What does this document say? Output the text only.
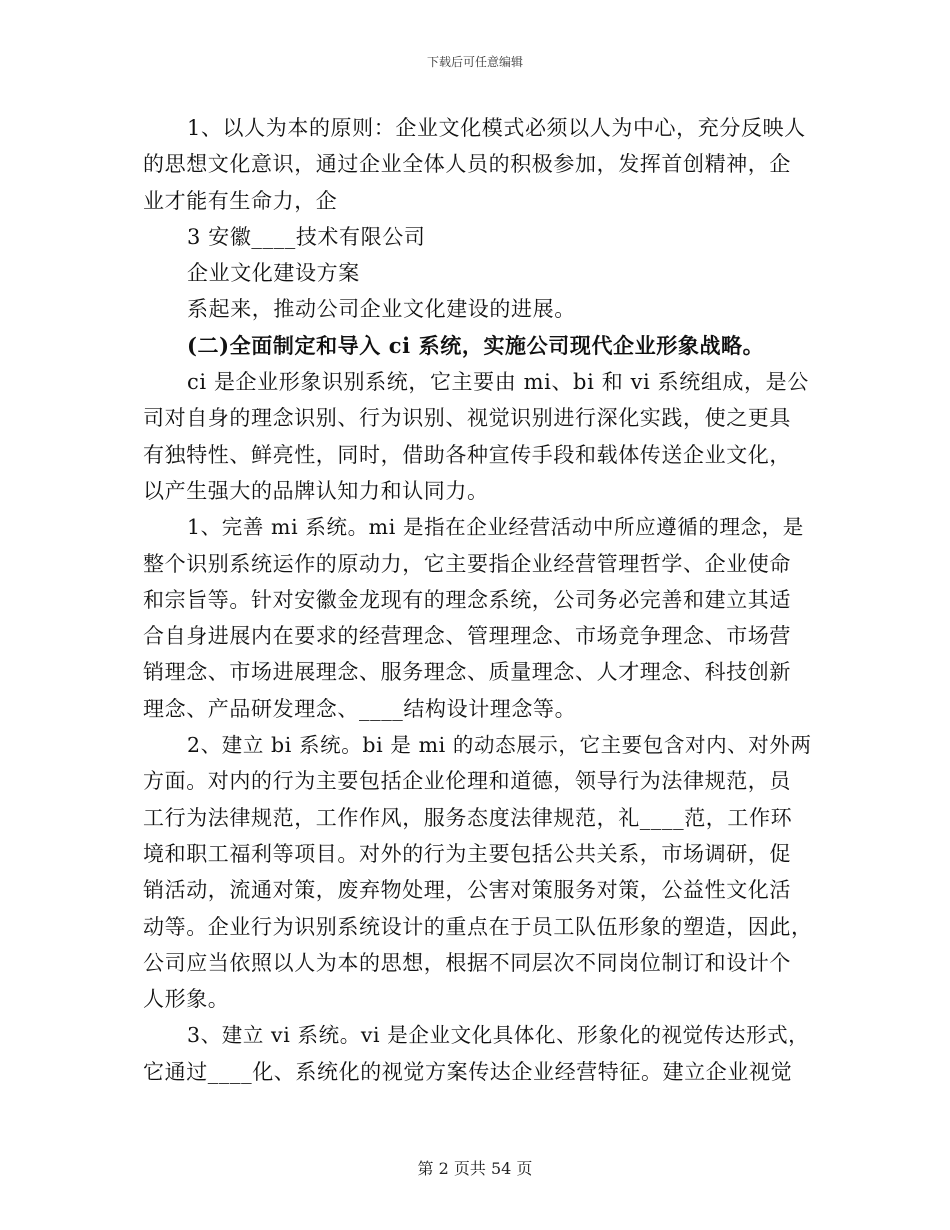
下载后可任意编辑
1、以人为本的原则：企业文化模式必须以人为中心，充分反映人
的思想文化意识，通过企业全体人员的积极参加，发挥首创精神，企
业才能有生命力，企
3 安徽____技术有限公司
企业文化建设方案
系起来，推动公司企业文化建设的进展。
(二)全面制定和导入 ci 系统，实施公司现代企业形象战略。
ci 是企业形象识别系统，它主要由 mi、bi 和 vi 系统组成，是公
司对自身的理念识别、行为识别、视觉识别进行深化实践，使之更具
有独特性、鲜亮性，同时，借助各种宣传手段和载体传送企业文化，
以产生强大的品牌认知力和认同力。
1、完善 mi 系统。mi 是指在企业经营活动中所应遵循的理念，是
整个识别系统运作的原动力，它主要指企业经营管理哲学、企业使命
和宗旨等。针对安徽金龙现有的理念系统，公司务必完善和建立其适
合自身进展内在要求的经营理念、管理理念、市场竞争理念、市场营
销理念、市场进展理念、服务理念、质量理念、人才理念、科技创新
理念、产品研发理念、____结构设计理念等。
2、建立 bi 系统。bi 是 mi 的动态展示，它主要包含对内、对外两
方面。对内的行为主要包括企业伦理和道德，领导行为法律规范，员
工行为法律规范，工作作风，服务态度法律规范，礼____范，工作环
境和职工福利等项目。对外的行为主要包括公共关系，市场调研，促
销活动，流通对策，废弃物处理，公害对策服务对策，公益性文化活
动等。企业行为识别系统设计的重点在于员工队伍形象的塑造，因此，
公司应当依照以人为本的思想，根据不同层次不同岗位制订和设计个
人形象。
3、建立 vi 系统。vi 是企业文化具体化、形象化的视觉传达形式，
它通过____化、系统化的视觉方案传达企业经营特征。建立企业视觉
第 2 页共 54 页
